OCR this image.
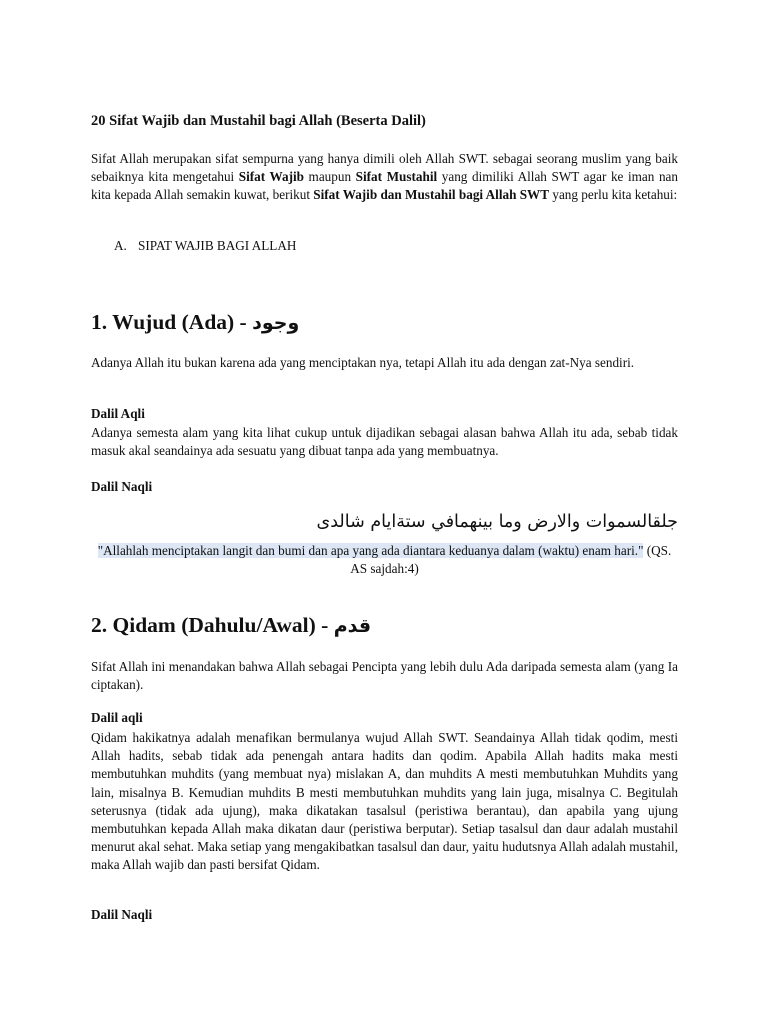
20 Sifat Wajib dan Mustahil bagi Allah (Beserta Dalil)

Sifat Allah merupakan sifat sempurna yang hanya dimili oleh Allah SWT. sebagai seorang muslim yang baik sebaiknya kita mengetahui Sifat Wajib maupun Sifat Mustahil yang dimiliki Allah SWT agar ke iman nan kita kepada Allah semakin kuwat, berikut Sifat Wajib dan Mustahil bagi Allah SWT yang perlu kita ketahui:

A. SIPAT WAJIB BAGI ALLAH
1. Wujud (Ada) - وجود

Adanya Allah itu bukan karena ada yang menciptakan nya, tetapi Allah itu ada dengan zat-Nya sendiri.

Dalil Aqli

Adanya semesta alam yang kita lihat cukup untuk dijadikan sebagai alasan bahwa Allah itu ada, sebab tidak masuk akal seandainya ada sesuatu yang dibuat tanpa ada yang membuatnya.

Dalil Naqli
جلقالسموات والارض وما بينهمافي ستةايام ﺷﺎﻟﺪﻯ
"Allahlah menciptakan langit dan bumi dan apa yang ada diantara keduanya dalam (waktu) enam hari." (QS. AS sajdah:4)
2. Qidam (Dahulu/Awal) - قدم

Sifat Allah ini menandakan bahwa Allah sebagai Pencipta yang lebih dulu Ada daripada semesta alam (yang Ia ciptakan).

Dalil aqli

Qidam hakikatnya adalah menafikan bermulanya wujud Allah SWT. Seandainya Allah tidak qodim, mesti Allah hadits, sebab tidak ada penengah antara hadits dan qodim. Apabila Allah hadits maka mesti membutuhkan muhdits (yang membuat nya) mislakan A, dan muhdits A mesti membutuhkan Muhdits yang lain, misalnya B. Kemudian muhdits B mesti membutuhkan muhdits yang lain juga, misalnya C. Begitulah seterusnya (tidak ada ujung), maka dikatakan tasalsul (peristiwa berantau), dan apabila yang ujung membutuhkan kepada Allah maka dikatan daur (peristiwa berputar). Setiap tasalsul dan daur adalah mustahil menurut akal sehat. Maka setiap yang mengakibatkan tasalsul dan daur, yaitu hudutsnya Allah adalah mustahil, maka Allah wajib dan pasti bersifat Qidam.

Dalil Naqli
